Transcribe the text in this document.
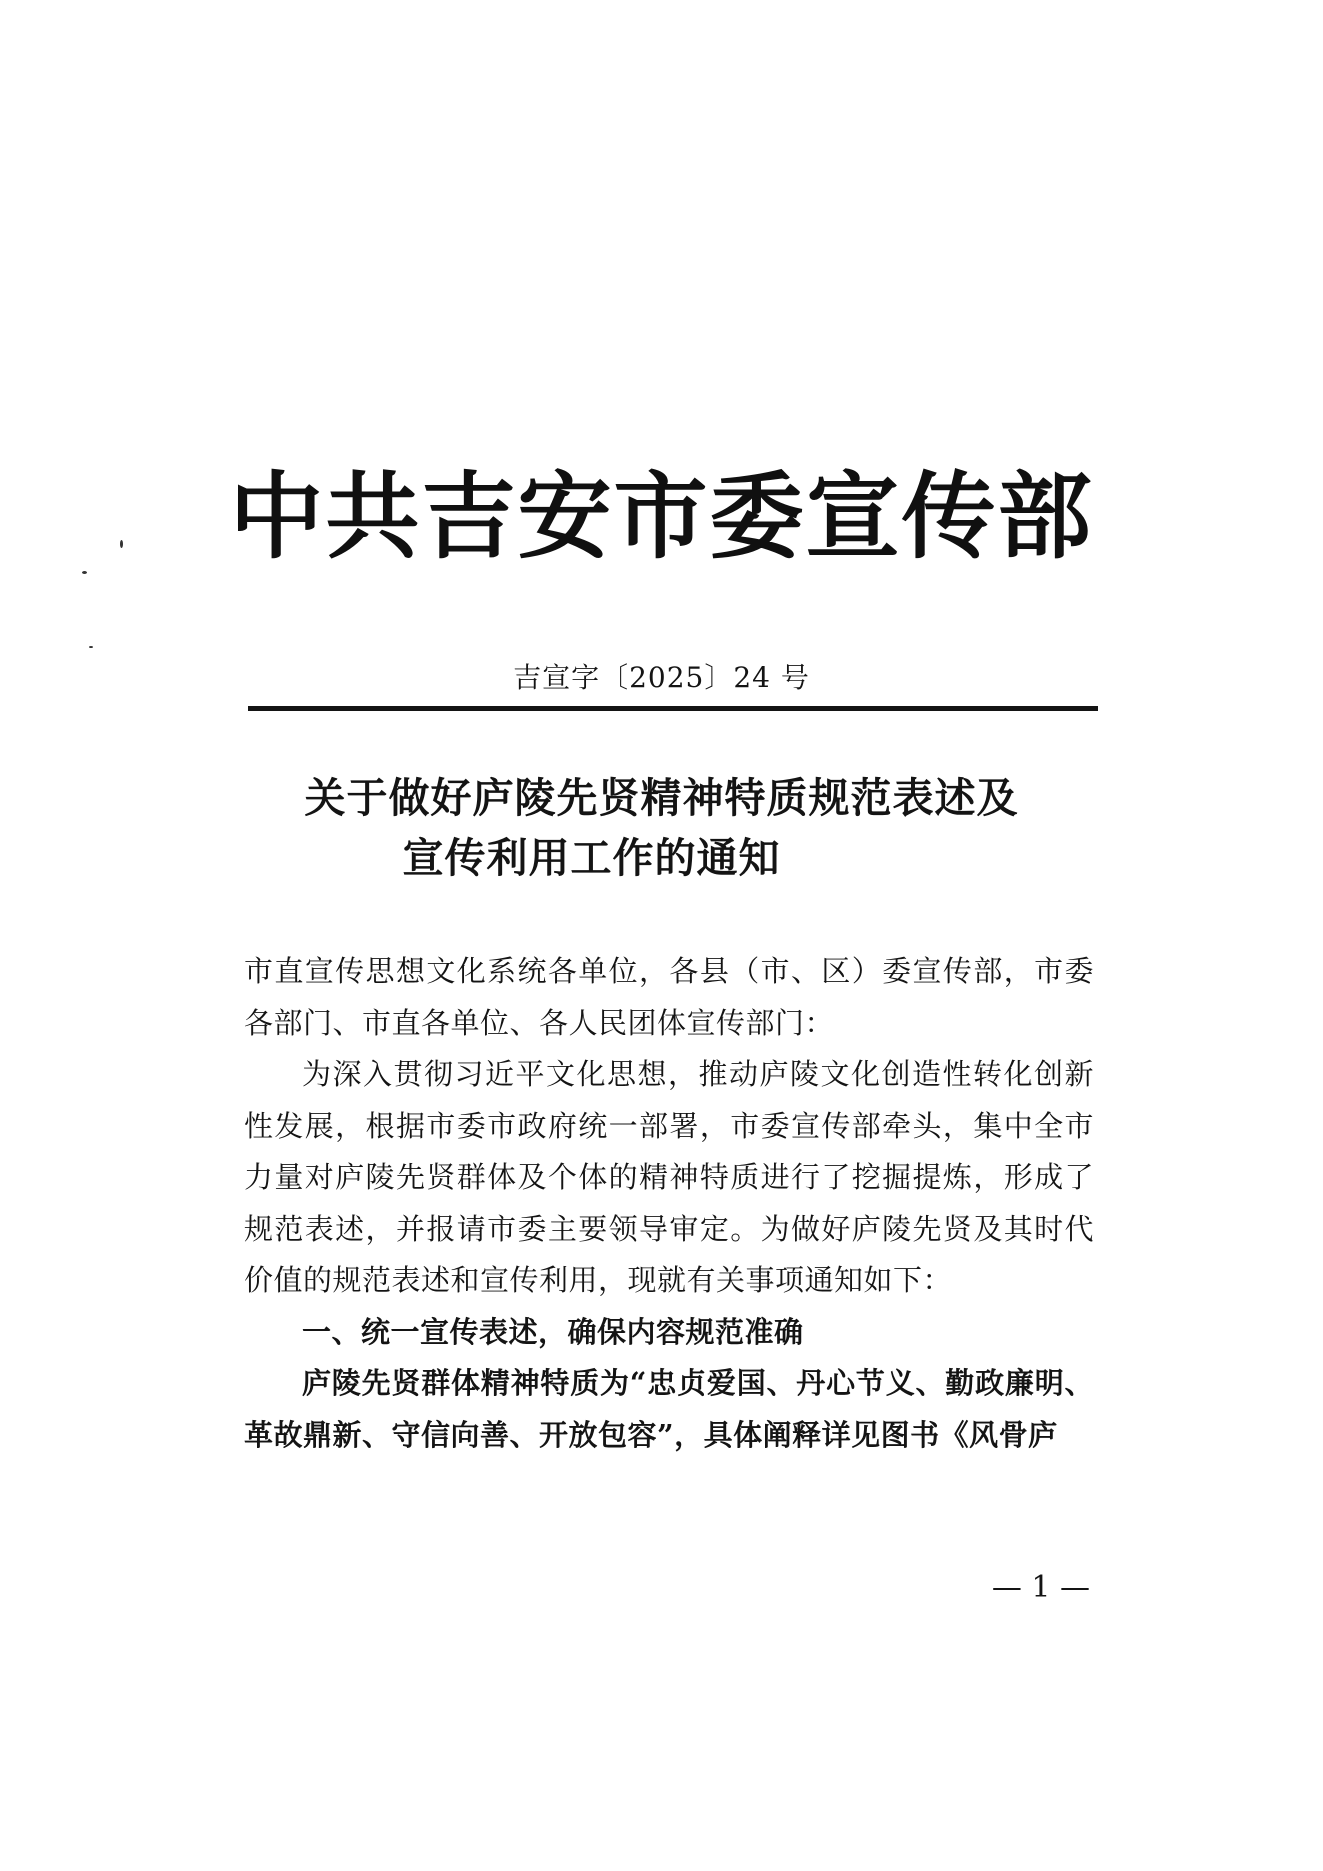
中共吉安市委宣传部
吉宣字〔2025〕24 号
关于做好庐陵先贤精神特质规范表述及
宣传利用工作的通知

市直宣传思想文化系统各单位，各县（市、区）委宣传部，市委各部门、市直各单位、各人民团体宣传部门：

为深入贯彻习近平文化思想，推动庐陵文化创造性转化创新性发展，根据市委市政府统一部署，市委宣传部牵头，集中全市力量对庐陵先贤群体及个体的精神特质进行了挖掘提炼，形成了规范表述，并报请市委主要领导审定。为做好庐陵先贤及其时代价值的规范表述和宣传利用，现就有关事项通知如下：

一、统一宣传表述，确保内容规范准确

庐陵先贤群体精神特质为“忠贞爱国、丹心节义、勤政廉明、革故鼎新、守信向善、开放包容”，具体阐释详见图书《风骨庐

— 1 —
